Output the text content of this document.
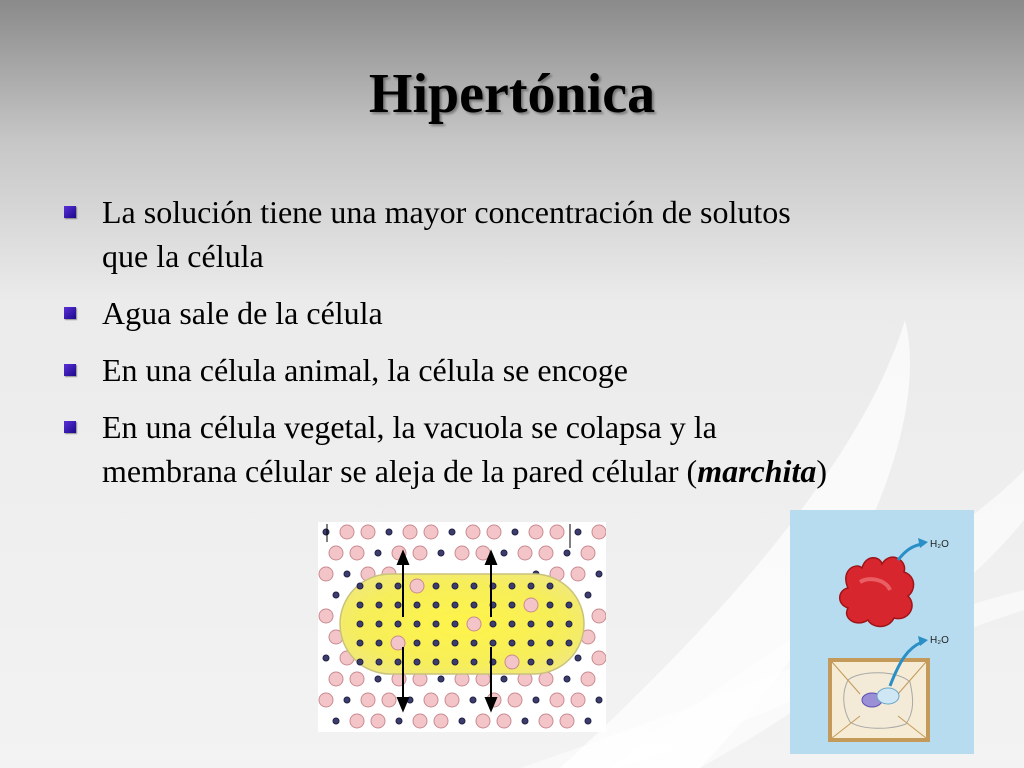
Hipertónica
La solución tiene una mayor concentración de solutos que la célula
Agua sale de la célula
En una célula animal, la célula se encoge
En una célula vegetal, la vacuola se colapsa y la membrana célular se aleja de la pared célular (marchita)
H₂O
H₂O
